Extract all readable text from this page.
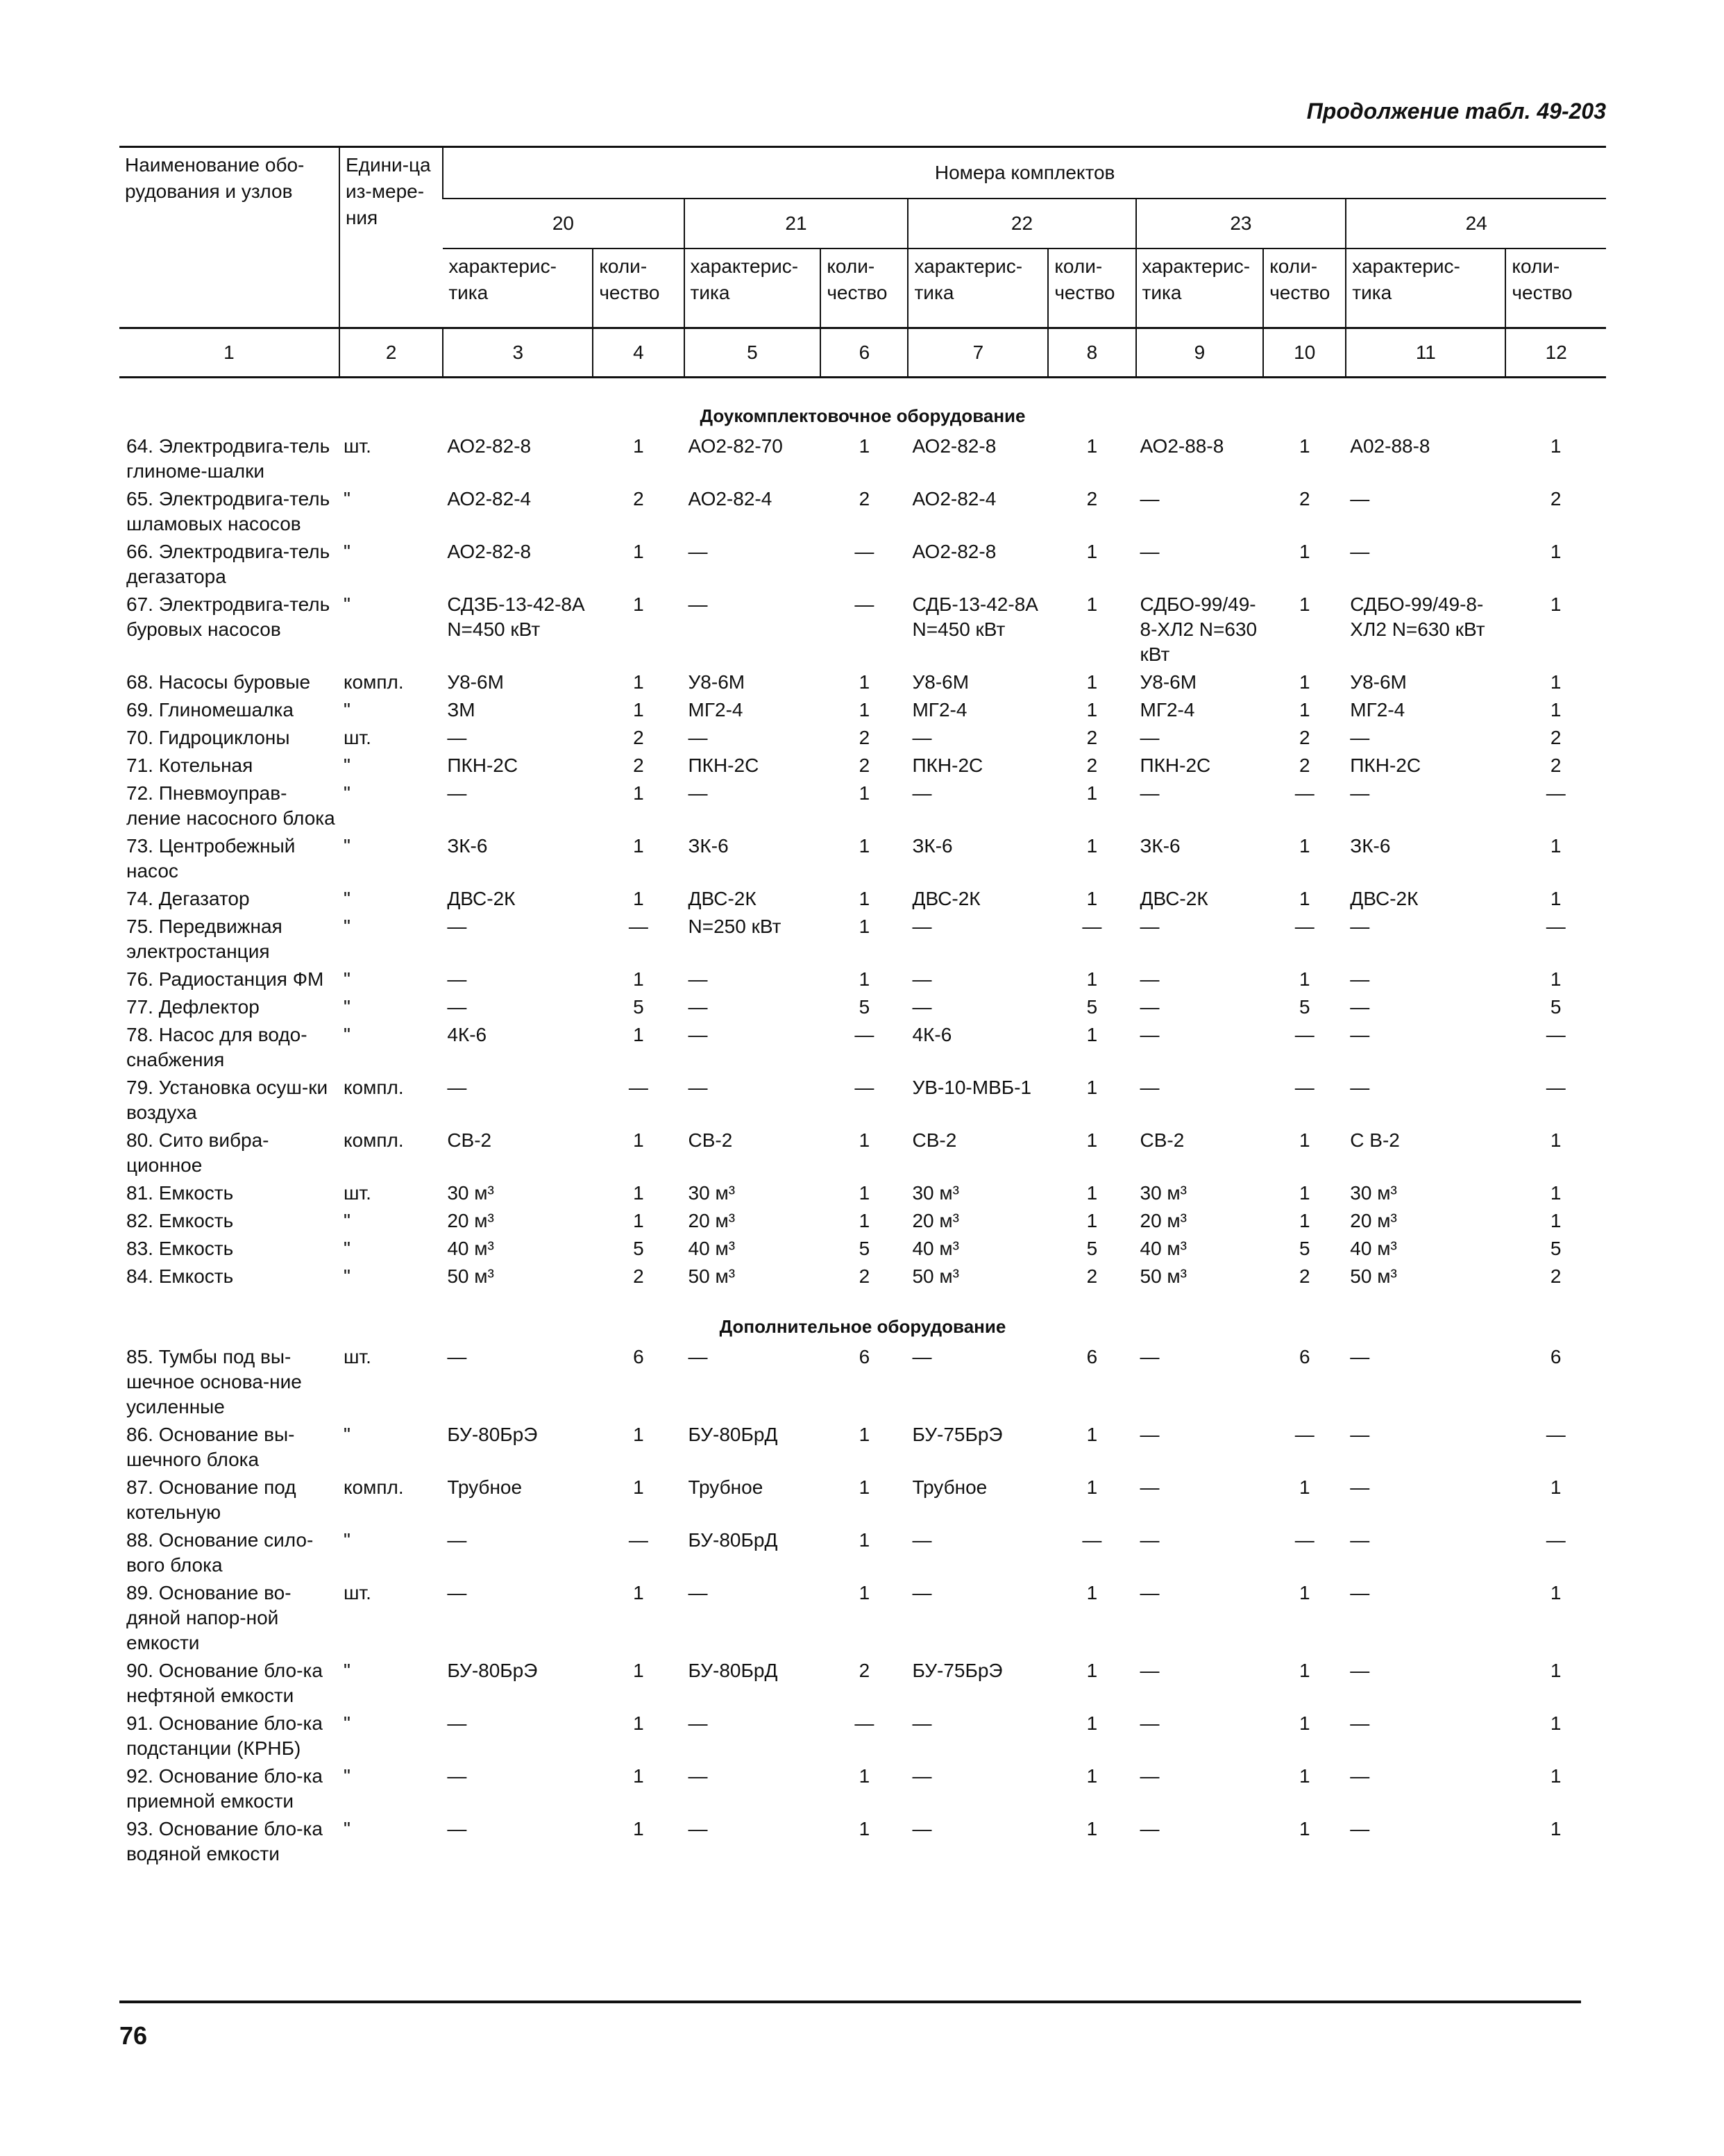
Продолжение табл. 49-203
Наименование обо-рудования и узлов	Едини-ца из-мере-ния	Номера комплектов									
		20		21		22		23		24	
		характерис-тика	коли-чество	характерис-тика	коли-чество	характерис-тика	коли-чество	характерис-тика	коли-чество	характерис-тика	коли-чество
1	2	3	4	5	6	7	8	9	10	11	12
Доукомплектовочное оборудование											
64. Электродвига-тель глиноме-шалки	шт.	АО2-82-8	1	АО2-82-70	1	АО2-82-8	1	АО2-88-8	1	А02-88-8	1
65. Электродвига-тель шламовых насосов	"	АО2-82-4	2	АО2-82-4	2	АО2-82-4	2	—	2	—	2
66. Электродвига-тель дегазатора	"	АО2-82-8	1	—	—	АО2-82-8	1	—	1	—	1
67. Электродвига-тель буровых насосов	"	СДЗБ-13-42-8А N=450 кВт	1	—	—	СДБ-13-42-8А N=450 кВт	1	СДБО-99/49-8-ХЛ2 N=630 кВт	1	СДБО-99/49-8-ХЛ2 N=630 кВт	1
68. Насосы буровые	компл.	У8-6М	1	У8-6М	1	У8-6М	1	У8-6М	1	У8-6М	1
69. Глиномешалка	"	ЗМ	1	МГ2-4	1	МГ2-4	1	МГ2-4	1	МГ2-4	1
70. Гидроциклоны	шт.	—	2	—	2	—	2	—	2	—	2
71. Котельная	"	ПКН-2С	2	ПКН-2С	2	ПКН-2С	2	ПКН-2С	2	ПКН-2С	2
72. Пневмоуправ-ление насосного блока	"	—	1	—	1	—	1	—	—	—	—
73. Центробежный насос	"	ЗК-6	1	ЗК-6	1	ЗК-6	1	ЗК-6	1	ЗК-6	1
74. Дегазатор	"	ДВС-2К	1	ДВС-2К	1	ДВС-2К	1	ДВС-2К	1	ДВС-2К	1
75. Передвижная электростанция	"	—	—	N=250 кВт	1	—	—	—	—	—	—
76. Радиостанция ФМ	"	—	1	—	1	—	1	—	1	—	1
77. Дефлектор	"	—	5	—	5	—	5	—	5	—	5
78. Насос для водо-снабжения	"	4К-6	1	—	—	4К-6	1	—	—	—	—
79. Установка осуш-ки воздуха	компл.	—	—	—	—	УВ-10-МВБ-1	1	—	—	—	—
80. Сито вибра-ционное	компл.	СВ-2	1	СВ-2	1	СВ-2	1	СВ-2	1	С В-2	1
81. Емкость	шт.	30 м³	1	30 м³	1	30 м³	1	30 м³	1	30 м³	1
82. Емкость	"	20 м³	1	20 м³	1	20 м³	1	20 м³	1	20 м³	1
83. Емкость	"	40 м³	5	40 м³	5	40 м³	5	40 м³	5	40 м³	5
84. Емкость	"	50 м³	2	50 м³	2	50 м³	2	50 м³	2	50 м³	2
Дополнительное оборудование											
85. Тумбы под вы-шечное основа-ние усиленные	шт.	—	6	—	6	—	6	—	6	—	6
86. Основание вы-шечного блока	"	БУ-80БрЭ	1	БУ-80БрД	1	БУ-75БрЭ	1	—	—	—	—
87. Основание под котельную	компл.	Трубное	1	Трубное	1	Трубное	1	—	1	—	1
88. Основание сило-вого блока	"	—	—	БУ-80БрД	1	—	—	—	—	—	—
89. Основание во-дяной напор-ной емкости	шт.	—	1	—	1	—	1	—	1	—	1
90. Основание бло-ка нефтяной емкости	"	БУ-80БрЭ	1	БУ-80БрД	2	БУ-75БрЭ	1	—	1	—	1
91. Основание бло-ка подстанции (КРНБ)	"	—	1	—	—	—	1	—	1	—	1
92. Основание бло-ка приемной емкости	"	—	1	—	1	—	1	—	1	—	1
93. Основание бло-ка водяной емкости	"	—	1	—	1	—	1	—	1	—	1
76
